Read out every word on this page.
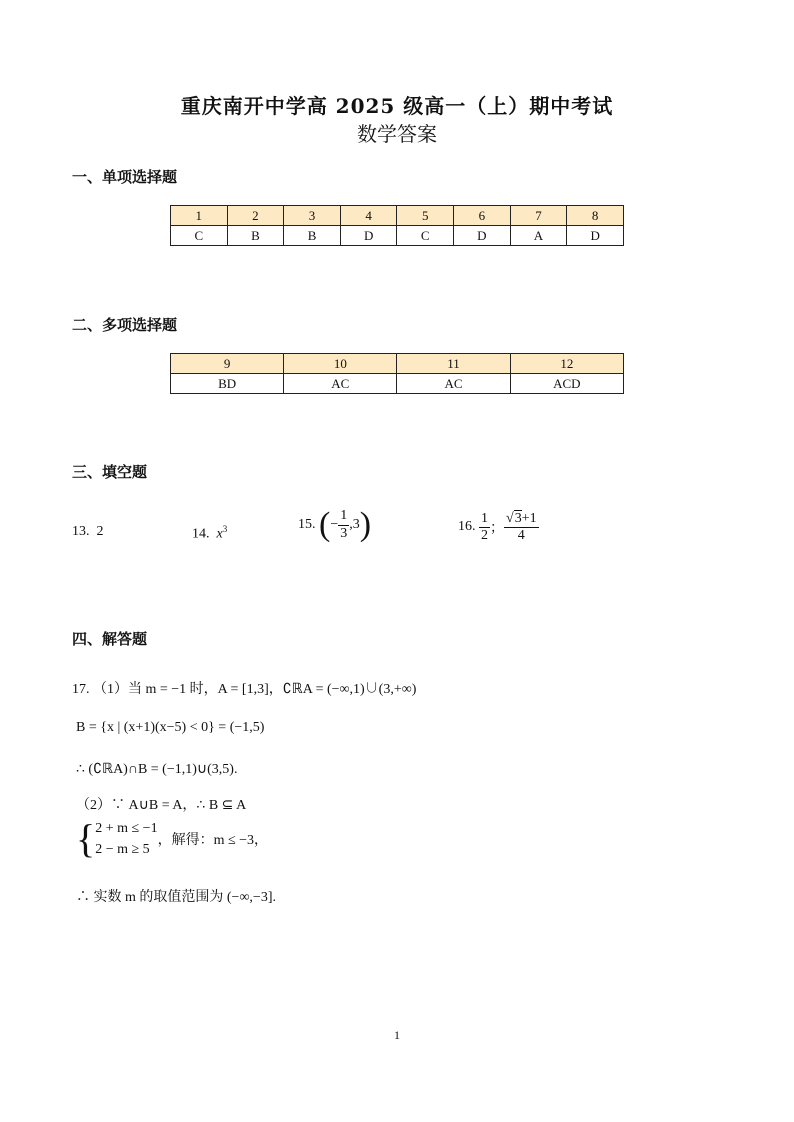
重庆南开中学高 2025 级高一（上）期中考试
数学答案
一、单项选择题
1	2	3	4	5	6	7	8
C	B	B	D	C	D	A	D
二、多项选择题
9	10	11	12
BD	AC	AC	ACD
三、填空题
13. 2	14. $x^3$	15.
( − $\frac{1}{3} ,3$ )	16.
$\frac{1}{2}$ ； $\frac{√3+1}{4}$
四、解答题
17. （1）当 m = −1 时，A = [1,3]，∁ℝA = (−∞,1)∪(3,+∞)
B = {x | (x+1)(x−5) < 0} = (−1,5)
∴ (∁ℝA)∩B = (−1,1)∪(3,5).
（2）∵ A∪B = A，∴ B ⊆ A
{ 2 + m ≤ −1
2 − m ≥ 5
，解得：m ≤ −3，
∴ 实数 m 的取值范围为 (−∞,−3].
1
